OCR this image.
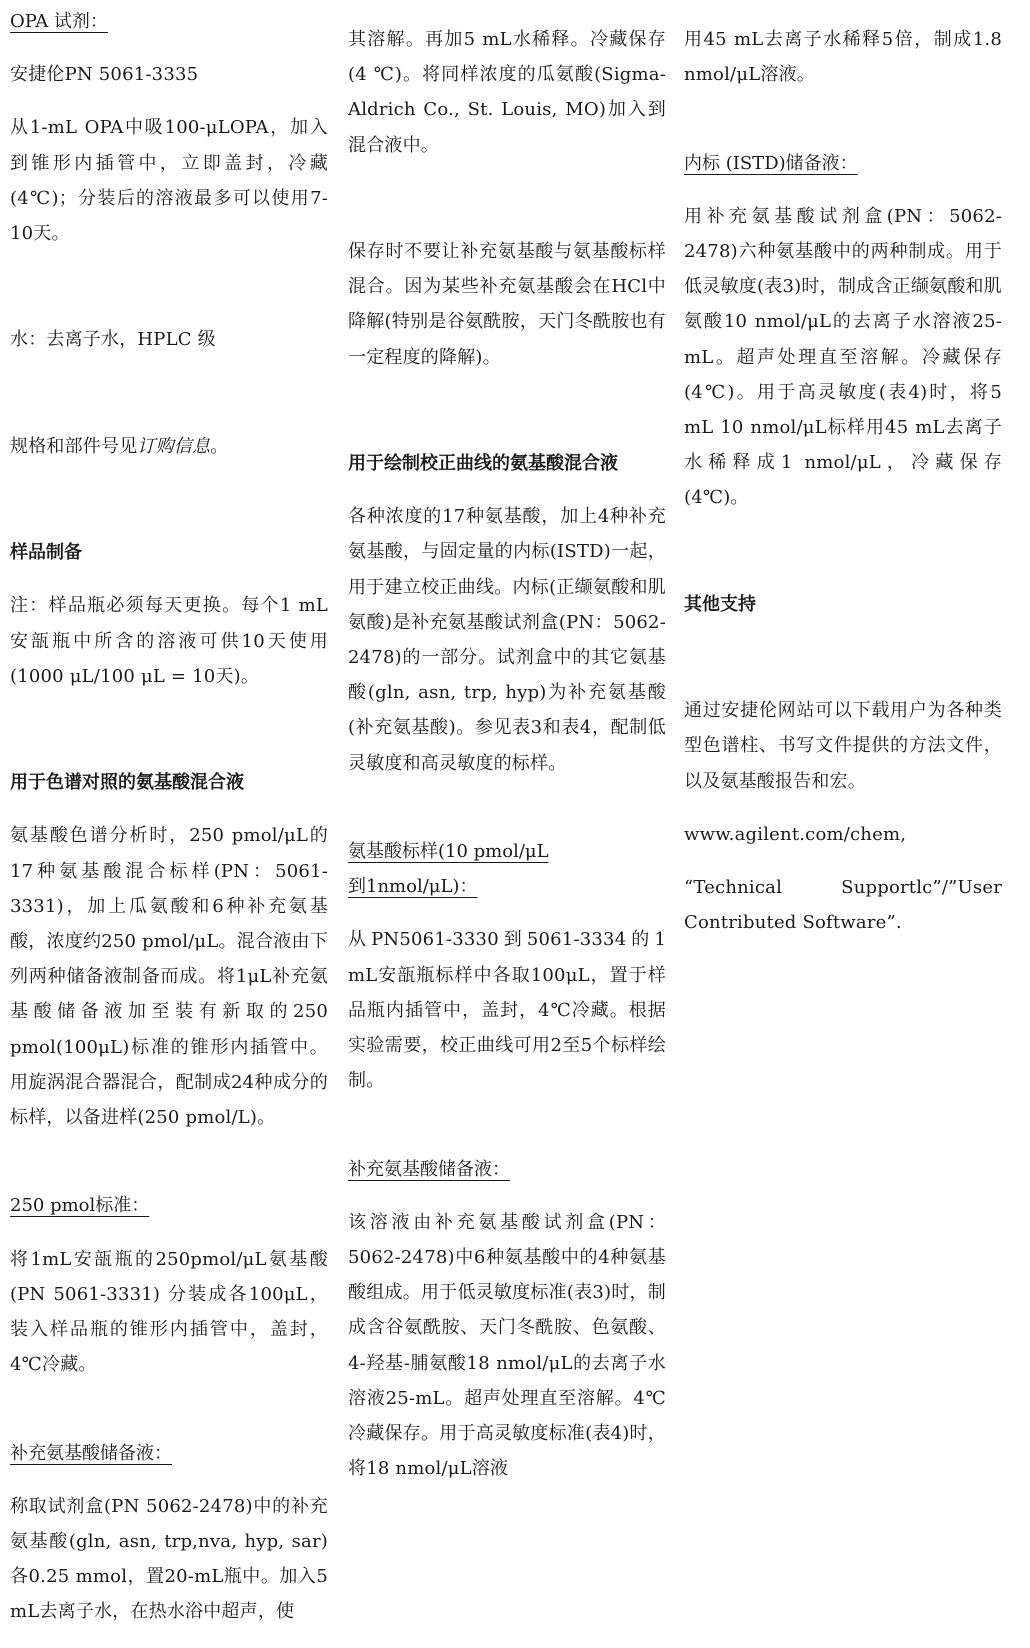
OPA 试剂：

安捷伦PN 5061-3335

从1-mL OPA中吸100-μLOPA，加入到锥形内插管中，立即盖封，冷藏(4℃)；分装后的溶液最多可以使用7-10天。

水：去离子水，HPLC 级

规格和部件号见订购信息。

样品制备

注：样品瓶必须每天更换。每个1 mL安瓿瓶中所含的溶液可供10天使用(1000 μL/100 μL = 10天)。

用于色谱对照的氨基酸混合液

氨基酸色谱分析时，250 pmol/μL的17种氨基酸混合标样(PN：5061-3331)，加上瓜氨酸和6种补充氨基酸，浓度约250 pmol/μL。混合液由下列两种储备液制备而成。将1μL补充氨基酸储备液加至装有新取的250 pmol(100μL)标准的锥形内插管中。用旋涡混合器混合，配制成24种成分的标样，以备进样(250 pmol/L)。

250 pmol标准：

将1mL安瓿瓶的250pmol/μL氨基酸(PN 5061-3331) 分装成各100μL，装入样品瓶的锥形内插管中，盖封，4℃冷藏。

补充氨基酸储备液：

称取试剂盒(PN 5062-2478)中的补充氨基酸(gln, asn, trp,nva, hyp, sar)各0.25 mmol，置20-mL瓶中。加入5 mL去离子水，在热水浴中超声，使

其溶解。再加5 mL水稀释。冷藏保存(4 ℃)。将同样浓度的瓜氨酸(Sigma-Aldrich Co., St. Louis, MO)加入到混合液中。

保存时不要让补充氨基酸与氨基酸标样混合。因为某些补充氨基酸会在HCl中降解(特别是谷氨酰胺，天门冬酰胺也有一定程度的降解)。

用于绘制校正曲线的氨基酸混合液

各种浓度的17种氨基酸，加上4种补充氨基酸，与固定量的内标(ISTD)一起，用于建立校正曲线。内标(正缬氨酸和肌氨酸)是补充氨基酸试剂盒(PN：5062-2478)的一部分。试剂盒中的其它氨基酸(gln, asn, trp, hyp)为补充氨基酸(补充氨基酸)。参见表3和表4，配制低灵敏度和高灵敏度的标样。

氨基酸标样(10 pmol/μL
到1nmol/μL)：

从PN5061-3330到5061-3334的1 mL安瓿瓶标样中各取100μL，置于样品瓶内插管中，盖封，4℃冷藏。根据实验需要，校正曲线可用2至5个标样绘制。

补充氨基酸储备液：

该溶液由补充氨基酸试剂盒(PN：5062-2478)中6种氨基酸中的4种氨基酸组成。用于低灵敏度标准(表3)时，制成含谷氨酰胺、天门冬酰胺、色氨酸、4-羟基-脯氨酸18 nmol/μL的去离子水溶液25-mL。超声处理直至溶解。4℃冷藏保存。用于高灵敏度标准(表4)时，将18 nmol/μL溶液

用45 mL去离子水稀释5倍，制成1.8 nmol/μL溶液。

内标 (ISTD)储备液：

用补充氨基酸试剂盒(PN：5062-2478)六种氨基酸中的两种制成。用于低灵敏度(表3)时，制成含正缬氨酸和肌氨酸10 nmol/μL的去离子水溶液25-mL。超声处理直至溶解。冷藏保存(4℃)。用于高灵敏度(表4)时，将5 mL 10 nmol/μL标样用45 mL去离子水稀释成1 nmol/μL，冷藏保存(4℃)。

其他支持

通过安捷伦网站可以下载用户为各种类型色谱柱、书写文件提供的方法文件，以及氨基酸报告和宏。

www.agilent.com/chem,

“Technical Supportlc”/”User Contributed Software”.
